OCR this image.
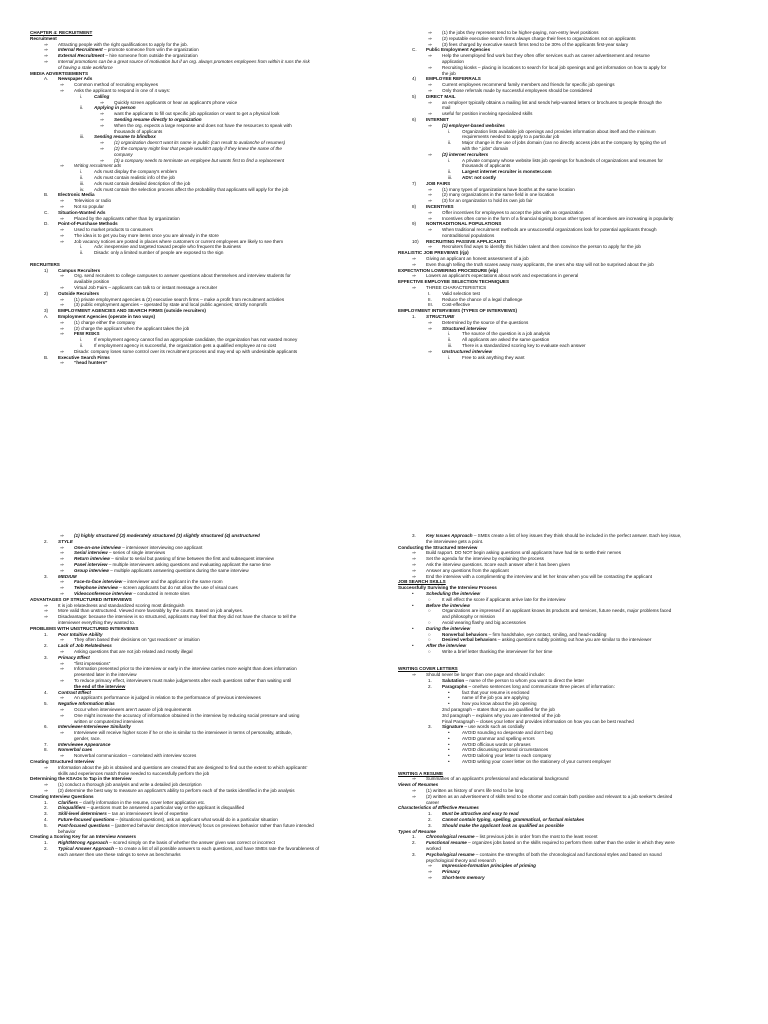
CHAPTER 4: RECRUITMENT
Recruitment
⇒ Attracting people with the right qualifications to apply for the job.
⇒ Internal Recruitment – promote someone from w/in the organization
⇒ External Recruitment – hire someone from outside the organization
⇒ Internal promotions can be a great source of motivation but if an org. always promotes employees from within it runs the risk
of having a stale workforce
MEDIA ADVERTISEMENTS
A. Newspaper Ads
⇒ Common method of recruiting employees
⇒ Asks the applicant to respond in one of 4 ways:
i.	Calling
⇒ Quickly screen applicants or hear an applicant's phone voice
ii. Applying in person
⇒ want the applicants to fill out specific job application or want to get a physical look
⇒ Sending resume directly to organization
⇒ When the org. expects a large response and does not have the resources to speak with
thousands of applicants
iii. Sending resume to blindbox
⇒ (1) organization doesn't want its name in public (can result to avalanche of resumes)
⇒ (2) the company might fear that people wouldn't apply if they knew the name of the
company
⇒ (3) a company needs to terminate an employee but wants first to find a replacement
⇒ Writing recruitment ads
i.	Ads must display the company's emblem
ii. Ads must contain realistic info of the job
iii. Ads must contain detailed description of the job
iv. Ads must contain the selection process affect the probability that applicants will apply for the job
B. Electronic Media
⇒ Television or radio
⇒ Not so popular
C. Situation-Wanted Ads
⇒ Placed by the applicants rather than by organization
D. Point-of-Purchase Methods
⇒ Used to market products to consumers
⇒ The idea is to get you buy more items once you are already in the store
⇒ Job vacancy notices are posted in places where customers or current employees are likely to see them
i.	Adv: inexpensive and targeted toward people who frequent the business
ii. Disadv: only a limited number of people are exposed to the sign
RECRUITERS
1) Campus Recruiters
⇒ Org. send recruiters to college campuses to answer questions about themselves and interview students for
available position
⇒ Virtual Job Fairs – applicants can talk to or instant message a recruiter
2) Outside Recruiters
⇒ (1) private employment agencies & (2) executive search firms – make a profit from recruitment activities
⇒ (3) public employment agencies – operated by state and local public agencies; strictly nonprofit
3) EMPLOYMENT AGENCIES AND SEARCH FIRMS (outside recruiters)
A. Employment Agencies (operate in two ways)
⇒ (1) charge either the company
⇒ (2) charge the applicant when the applicant takes the job
⇒ FEW RISKS
i.	If employment agency cannot find an appropriate candidate, the organization has not wasted money
ii. If employment agency is successful, the organization gets a qualified employee at no cost
⇒ Disadv: company loses some control over its recruitment process and may end up with undesirable applicants
B. Executive Search Firms
⇒ “head hunters”
⇒ (1) the jobs they represent tend to be higher-paying, non-entry level positions
⇒ (2) reputable executive search firms always charge their fees to organizations not on applicants
⇒ (3) fees charged by executive search firms tend to be 30% of the applicants first-year salary
C. Public Employment Agencies
⇒ Help the unemployed find work but they often offer services such as career advertisement and resume
application
⇒ Recruiting kiosks – placing in locations to search for local job openings and get information on how to apply for
the job
4) EMPLOYEE REFERRALS
⇒ Current employees recommend family members and friends for specific job openings
⇒ Only those referrals made by successful employees should be considered
5) DIRECT MAIL
⇒ an employer typically obtains a mailing list and sends help-wanted letters or brochures to people through the
mail
⇒ useful for position involving specialized skills
6) INTERNET
⇒ (1) employer-based websites
i.	Organization lists available job openings and provides information about itself and the minimum
requirements needed to apply to a particular job
ii. Major change is the use of jobs domain (can no directly access jobs at the company by typing the url
with the “.jobs” domain
⇒ (2) internet recruiters
i.	A private company whose website lists job openings for hundreds of organizations and resumes for
thousands of applicants
ii. Largest internet recruiter is monster.com
iii. ADV: not costly
7) JOB FAIRS
⇒ (1) many types of organizations have booths at the same location
⇒ (2) many organizations in the same field in one location
⇒ (3) for an organization to hold its own job fair
8) INCENTIVES
⇒ Offer incentives for employees to accept the jobs with an organization
⇒ Incentives often come in the form of a financial signing bonus other types of incentives are increasing in popularity
9) NONTRADITIONAL POPULATIONS
⇒ When traditional recruitment methods are unsuccessful organizations look for potential applicants through
nontraditional populations
10) RECRUITING PASSIVE APPLICANTS
⇒ Recruiters find ways to identify this hidden talent and then convince the person to apply for the job
REALISTIC JOB PREVIEWS (rjp)
⇒ Giving an applicant an honest assessment of a job
⇒ Even though telling the truth scares away many applicants, the ones who stay will not be surprised about the job
EXPECTATION LOWERING PROCEDURE (elp)
⇒ Lowers an applicant's expectations about work and expectations in general
EFFECTIVE EMPLOYEE SELECTION TECHNIQUES
⇒ THREE CHARACTERISTICS
I. Valid selection test
II. Reduce the chance of a legal challenge
III. Cost-effective
EMPLOYMENT INTERVIEWS (TYPES OF INTERVIEWS)
1. STRUCTURE
⇒ Determined by the source of the questions
⇒ Structured interview
i.	The source of the question is a job analysis
ii. All applicants are asked the same question
iii. There is a standardized scoring key to evaluate each answer
⇒ Unstructured interview
i.	Free to ask anything they want
⇒ (1) highly structured (2) moderately structured (3) slightly structured (4) unstructured
2. STYLE
⇒ One-on-one interview – interviewer interviewing one applicant
⇒ Serial interview – series of single interviews
⇒ Return interview – similar to serial but passing of time between the first and subsequent interview
⇒ Panel interview – multiple interviewers asking questions and evaluating applicant the same time
⇒ Group interview – multiple applicants answering questions during the same interview
3. MEDIUM
⇒ Face-to-face interview – interviewer and the applicant in the same room
⇒ Telephone interview – screen applicants but do not allow the use of visual cues
⇒ Videoconference interview – conducted in remote sites
ADVANTAGES OF STRUCTURED INTERVIEWS
⇒ It is job relatedness and standardized scoring most distinguish
⇒ More valid than unstructured. Viewed more favorably by the courts. Based on job analyses.
⇒ Disadvantage: because the interview is so structured, applicants may feel that they did not have the chance to tell the
interviewer everything they wanted to.
PROBLEMS WITH UNSTRUCTURED INTERVIEWS
1. Poor Intuitive Ability
⇒ They often based their decisions on “gut reactions” or intuition
2. Lack of Job Relatedness
⇒ Asking questions that are not job related and mostly illegal
3. Primacy Effect
⇒ “first impressions”
⇒ Information presented prior to the interview or early in the interview carries more weight than does information
presented later in the interview
⇒ To reduce primacy effect, interviewers must make judgements after each questions rather than waiting until
the end of the interview
4. Contrast Effect
⇒ An applicant's performance is judged in relation to the performance of previous interviewees
5. Negative Information Bias
⇒ Occur when interviewers aren't aware of job requirements
⇒ One might increase the accuracy of information obtained in the interview by reducing social pressure and using
written or computerized interviews
6. Interviewer-Interviewee Similarity
⇒ Interviewee will receive higher score if he or she is similar to the interviewer in terms of personality, attitude,
gender, race.
7. Interviewee Appearance
8. Nonverbal cues
⇒ Nonverbal communication – correlated with interview scores
Creating Structured Interview
⇒ Information about the job is obtained and questions are created that are designed to find out the extent to which applicants'
skills and experiences match those needed to successfully perform the job
Determining the KSAOs to Tap in the Interview
⇒ (1) conduct a thorough job analysis and write a detailed job description
⇒ (2) determine the best way to measure an applicant's ability to perform each of the tasks identified in the job analysis
Creating Interview Questions
1. Clarifiers – clarify information in the resume, cover letter application etc.
2. Disqualifiers – questions must be answered a particular way or the applicant is disqualified
3. Skill-level determiners – tan an interviewee's level of expertise
4. Future-focused questions – (situational questions), ask an applicant what would do in a particular situation
5. Past-focused questions – (patterned behavior description interviews) focus on previews behavior rather than future intended
behavior
Creating a Scoring Key for an Interview Answers
1. Right/Wrong Approach – scored simply on the basis of whether the answer given was correct or incorrect
2. Typical Answer Approach – to create a list of all possible answers to each questions, and have SMEs rate the favorableness of
each answer then use these ratings to serve as benchmarks
3. Key Issues Approach – SMEs create a list of key issues they think should be included in the perfect answer. Each key issue,
the interviewee gets a point.
Conducting the Structured Interview
⇒ Build rapport. DO NOT begin asking questions until applicants have had tie to settle their nerves
⇒ Set the agenda for the interview by explaining the process
⇒ Ask the interview questions. Score each answer after it has been given
⇒ Answer any questions from the applicant
⇒ End the interview with a complimenting the interview and let her know when you will be contacting the applicant
JOB SEARCH SKILLS
Successfully Surviving the Interview Process
•	Scheduling the interview
○ It will effect the score if applicants arrive late for the interview
•	Before the interview
○ Organizations are impressed if an applicant knows its products and services, future needs, major problems faced
and philosophy or mission
○ Avoid wearing flashy and big accessories
•	During the interview
○ Nonverbal behaviors – firm handshake, eye contact, smiling, and head-nodding
○ Desired verbal behaviors – asking questions subtly pointing out how you are similar to the interviewer
•	After the interview
○ Write a brief letter thanking the interviewer for her time
WRITING COVER LETTERS
⇒ Should never be longer than one page and should include:
1. Salutation – name of the person to whom you want to direct the letter
2. Paragraphs – one/two sentences long and communicate three pieces of information:
•	fact that your resume is enclosed
•	name of the job you are applying
•	how you know about the job opening
2nd paragraph – states that you are qualified for the job
3rd paragraph – explains why you are interested of the job
Final Paragraph – closes your letter and provides information on how you can be best reached
3. Signature – use words such as cordially
•	AVOID sounding so desperate and don't beg
•	AVOID grammar and spelling errors
•	AVOID officious words or phrases
•	AVOID discussing personal circumstances
•	AVOID tailoring your letter to each company
•	AVOID writing your cover letter on the stationery of your current employer
WRITING A RESUME
⇒ Summaries of an applicant's professional and educational background
Views of Resumes
⇒ (1) written as history of one's life tend to be long
⇒ (2) written as an advertisement of skills tend to be shorter and contain both positive and relevant to a job seeker's desired
career
Characteristics of Effective Resumes
1. Must be attractive and easy to read
2. Cannot contain typing, spelling, grammatical, or factual mistakes
3. Should make the applicant look as qualified as possible
Types of Resume
1. Chronological resume – list previous jobs in order from the most to the least recent
2. Functional resume – organizes jobs based on the skills required to perform them rather than the order in which they were
worked
3. Psychological resume – contains the strengths of both the chronological and functional styles and based on sound
psychological theory and research
⇒ Impression-formation principles of priming
⇒ Primacy
⇒ Short-term memory
